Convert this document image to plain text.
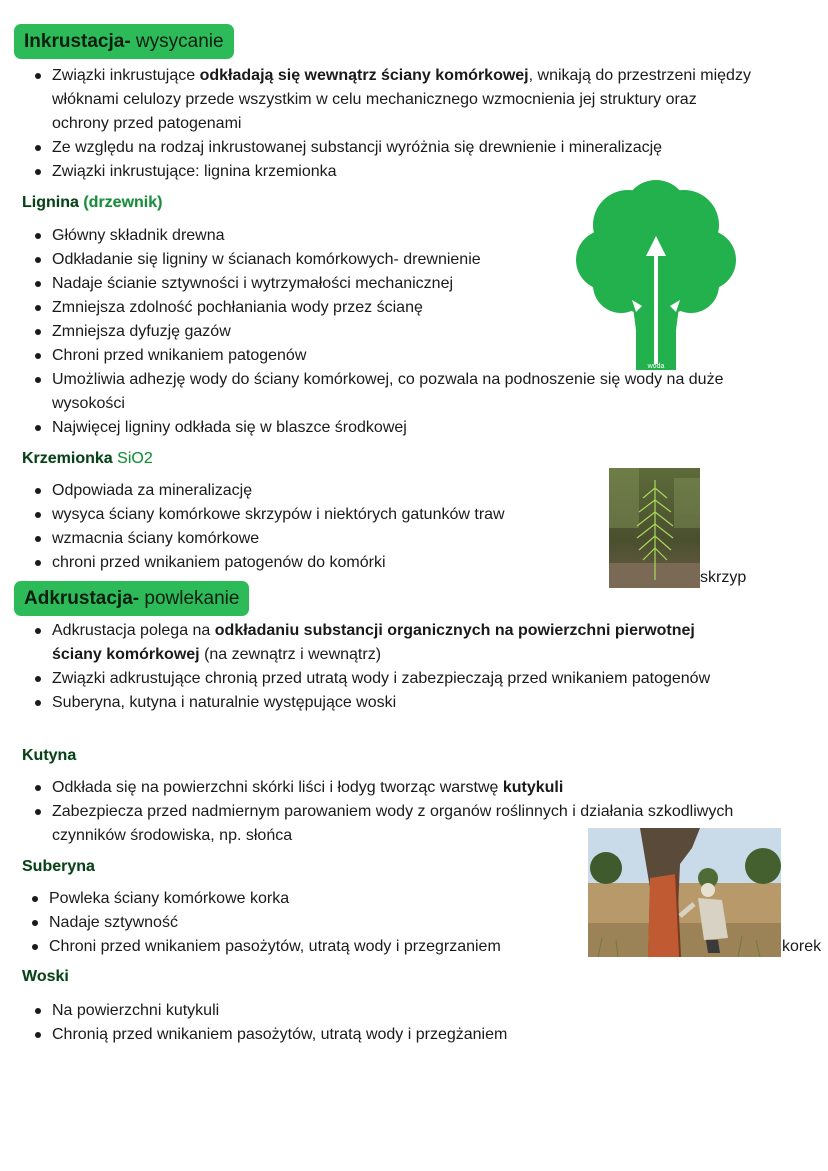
Inkrustacja- wysycanie
Związki inkrustujące odkładają się wewnątrz ściany komórkowej, wnikają do przestrzeni między włóknami celulozy przede wszystkim w celu mechanicznego wzmocnienia jej struktury oraz ochrony przed patogenami
Ze względu na rodzaj inkrustowanej substancji wyróżnia się drewnienie i mineralizację
Związki inkrustujące: lignina krzemionka
Lignina (drzewnik)
Główny składnik drewna
Odkładanie się ligniny w ścianach komórkowych- drewnienie
Nadaje ścianie sztywności i wytrzymałości mechanicznej
Zmniejsza zdolność pochłaniania wody przez ścianę
Zmniejsza dyfuzję gazów
Chroni przed wnikaniem patogenów
Umożliwia adhezję wody do ściany komórkowej, co pozwala na podnoszenie się wody na duże wysokości
Najwięcej ligniny odkłada się w blaszce środkowej
woda
Krzemionka SiO2
Odpowiada za mineralizację
wysyca ściany komórkowe skrzypów i niektórych gatunków traw
wzmacnia ściany komórkowe
chroni przed wnikaniem patogenów do komórki
skrzyp
Adkrustacja- powlekanie
Adkrustacja polega na odkładaniu substancji organicznych na powierzchni pierwotnej ściany komórkowej (na zewnątrz i wewnątrz)
Związki adkrustujące chronią przed utratą wody i zabezpieczają przed wnikaniem patogenów
Suberyna, kutyna i naturalnie występujące woski
Kutyna
Odkłada się na powierzchni skórki liści i łodyg tworząc warstwę kutykuli
Zabezpiecza przed nadmiernym parowaniem wody z organów roślinnych i działania szkodliwych czynników środowiska, np. słońca
Suberyna
Powleka ściany komórkowe korka
Nadaje sztywność
Chroni przed wnikaniem pasożytów, utratą wody i przegrzaniem	korek
Woski
Na powierzchni kutykuli
Chronią przed wnikaniem pasożytów, utratą wody i przegżaniem
